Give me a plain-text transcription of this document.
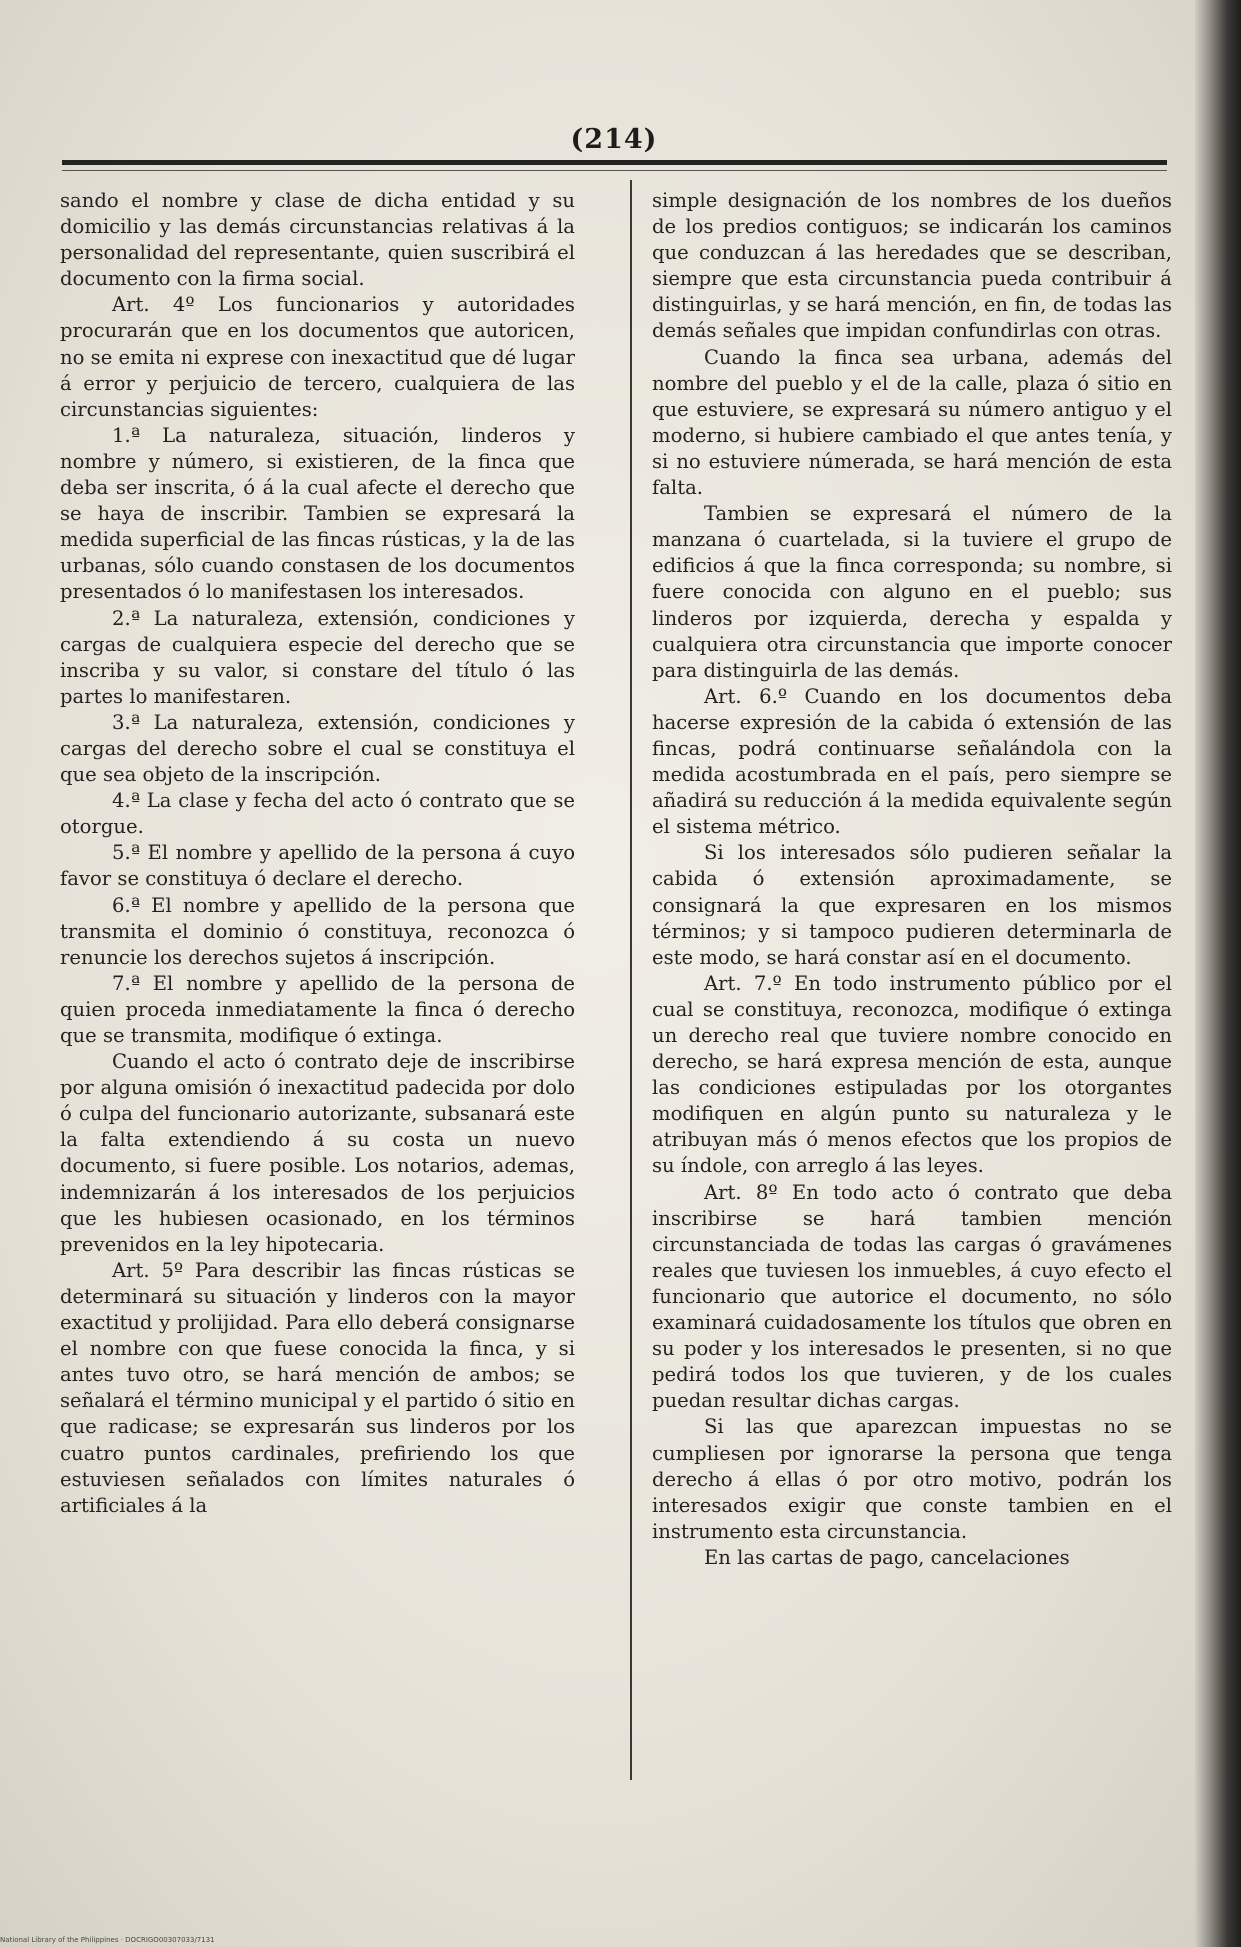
(214)

sando el nombre y clase de dicha entidad y su domicilio y las demás circunstancias relativas á la personalidad del representante, quien suscribirá el documento con la firma social.

Art. 4º Los funcionarios y autoridades procurarán que en los documentos que autoricen, no se emita ni exprese con inexactitud que dé lugar á error y perjuicio de tercero, cualquiera de las circunstancias siguientes:

1.ª La naturaleza, situación, linderos y nombre y número, si existieren, de la finca que deba ser inscrita, ó á la cual afecte el derecho que se haya de inscribir. Tambien se expresará la medida superficial de las fincas rústicas, y la de las urbanas, sólo cuando constasen de los documentos presentados ó lo manifestasen los interesados.

2.ª La naturaleza, extensión, condiciones y cargas de cualquiera especie del derecho que se inscriba y su valor, si constare del título ó las partes lo manifestaren.

3.ª La naturaleza, extensión, condiciones y cargas del derecho sobre el cual se constituya el que sea objeto de la inscripción.

4.ª La clase y fecha del acto ó contrato que se otorgue.

5.ª El nombre y apellido de la persona á cuyo favor se constituya ó declare el derecho.

6.ª El nombre y apellido de la persona que transmita el dominio ó constituya, reconozca ó renuncie los derechos sujetos á inscripción.

7.ª El nombre y apellido de la persona de quien proceda inmediatamente la finca ó derecho que se transmita, modifique ó extinga.

Cuando el acto ó contrato deje de inscribirse por alguna omisión ó inexactitud padecida por dolo ó culpa del funcionario autorizante, subsanará este la falta extendiendo á su costa un nuevo documento, si fuere posible. Los notarios, ademas, indemnizarán á los interesados de los perjuicios que les hubiesen ocasionado, en los términos prevenidos en la ley hipotecaria.

Art. 5º Para describir las fincas rústicas se determinará su situación y linderos con la mayor exactitud y prolijidad. Para ello deberá consignarse el nombre con que fuese conocida la finca, y si antes tuvo otro, se hará mención de ambos; se señalará el término municipal y el partido ó sitio en que radicase; se expresarán sus linderos por los cuatro puntos cardinales, prefiriendo los que estuviesen señalados con límites naturales ó artificiales á la

simple designación de los nombres de los dueños de los predios contiguos; se indicarán los caminos que conduzcan á las heredades que se describan, siempre que esta circunstancia pueda contribuir á distinguirlas, y se hará mención, en fin, de todas las demás señales que impidan confundirlas con otras.

Cuando la finca sea urbana, además del nombre del pueblo y el de la calle, plaza ó sitio en que estuviere, se expresará su número antiguo y el moderno, si hubiere cambiado el que antes tenía, y si no estuviere númerada, se hará mención de esta falta.

Tambien se expresará el número de la manzana ó cuartelada, si la tuviere el grupo de edificios á que la finca corresponda; su nombre, si fuere conocida con alguno en el pueblo; sus linderos por izquierda, derecha y espalda y cualquiera otra circunstancia que importe conocer para distinguirla de las demás.

Art. 6.º Cuando en los documentos deba hacerse expresión de la cabida ó extensión de las fincas, podrá continuarse señalándola con la medida acostumbrada en el país, pero siempre se añadirá su reducción á la medida equivalente según el sistema métrico.

Si los interesados sólo pudieren señalar la cabida ó extensión aproximadamente, se consignará la que expresaren en los mismos términos; y si tampoco pudieren determinarla de este modo, se hará constar así en el documento.

Art. 7.º En todo instrumento público por el cual se constituya, reconozca, modifique ó extinga un derecho real que tuviere nombre conocido en derecho, se hará expresa mención de esta, aunque las condiciones estipuladas por los otorgantes modifiquen en algún punto su naturaleza y le atribuyan más ó menos efectos que los propios de su índole, con arreglo á las leyes.

Art. 8º En todo acto ó contrato que deba inscribirse se hará tambien mención circunstanciada de todas las cargas ó gravámenes reales que tuviesen los inmuebles, á cuyo efecto el funcionario que autorice el documento, no sólo examinará cuidadosamente los títulos que obren en su poder y los interesados le presenten, si no que pedirá todos los que tuvieren, y de los cuales puedan resultar dichas cargas.

Si las que aparezcan impuestas no se cumpliesen por ignorarse la persona que tenga derecho á ellas ó por otro motivo, podrán los interesados exigir que conste tambien en el instrumento esta circunstancia.

En las cartas de pago, cancelaciones

National Library of the Philippines · DOCRIGO00307033/7131
